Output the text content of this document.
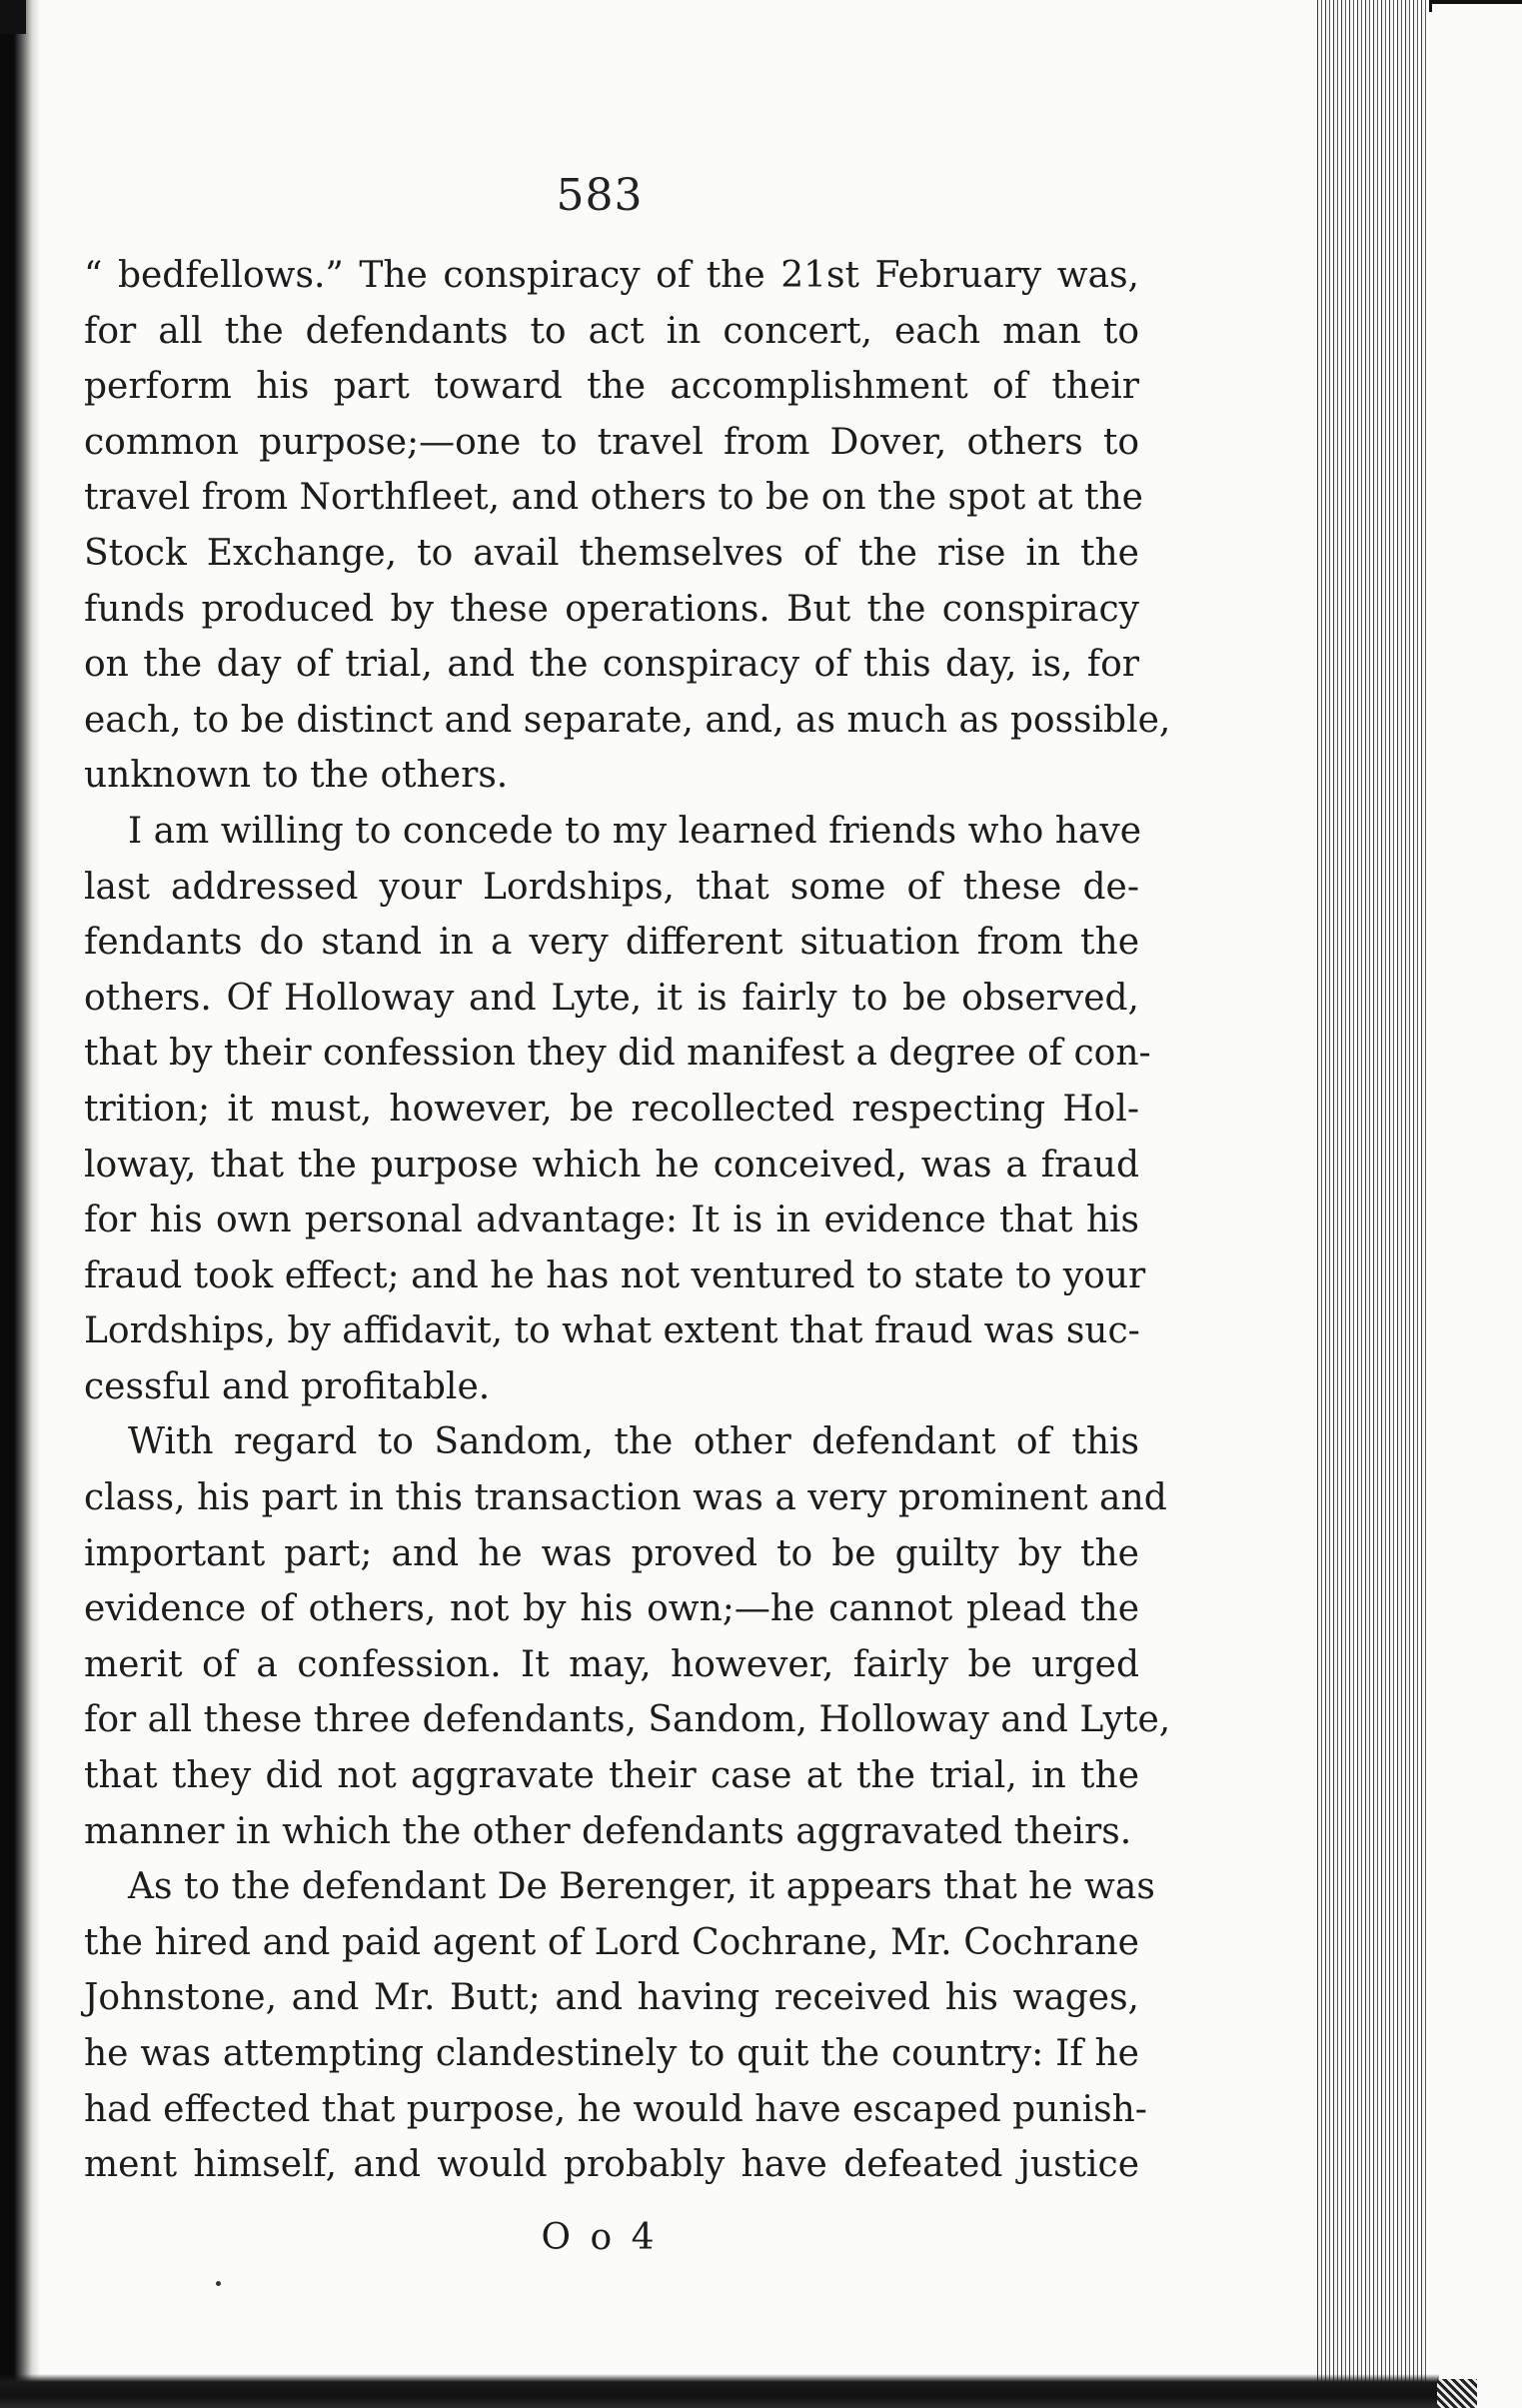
583
“ bedfellows.” The conspiracy of the 21st February was,
for all the defendants to act in concert, each man to
perform his part toward the accomplishment of their
common purpose;—one to travel from Dover, others to
travel from Northfleet, and others to be on the spot at the
Stock Exchange, to avail themselves of the rise in the
funds produced by these operations. But the conspiracy
on the day of trial, and the conspiracy of this day, is, for
each, to be distinct and separate, and, as much as possible,
unknown to the others.
I am willing to concede to my learned friends who have
last addressed your Lordships, that some of these de-
fendants do stand in a very different situation from the
others. Of Holloway and Lyte, it is fairly to be observed,
that by their confession they did manifest a degree of con-
trition; it must, however, be recollected respecting Hol-
loway, that the purpose which he conceived, was a fraud
for his own personal advantage: It is in evidence that his
fraud took effect; and he has not ventured to state to your
Lordships, by affidavit, to what extent that fraud was suc-
cessful and profitable.
With regard to Sandom, the other defendant of this
class, his part in this transaction was a very prominent and
important part; and he was proved to be guilty by the
evidence of others, not by his own;—he cannot plead the
merit of a confession. It may, however, fairly be urged
for all these three defendants, Sandom, Holloway and Lyte,
that they did not aggravate their case at the trial, in the
manner in which the other defendants aggravated theirs.
As to the defendant De Berenger, it appears that he was
the hired and paid agent of Lord Cochrane, Mr. Cochrane
Johnstone, and Mr. Butt; and having received his wages,
he was attempting clandestinely to quit the country: If he
had effected that purpose, he would have escaped punish-
ment himself, and would probably have defeated justice
O o 4
